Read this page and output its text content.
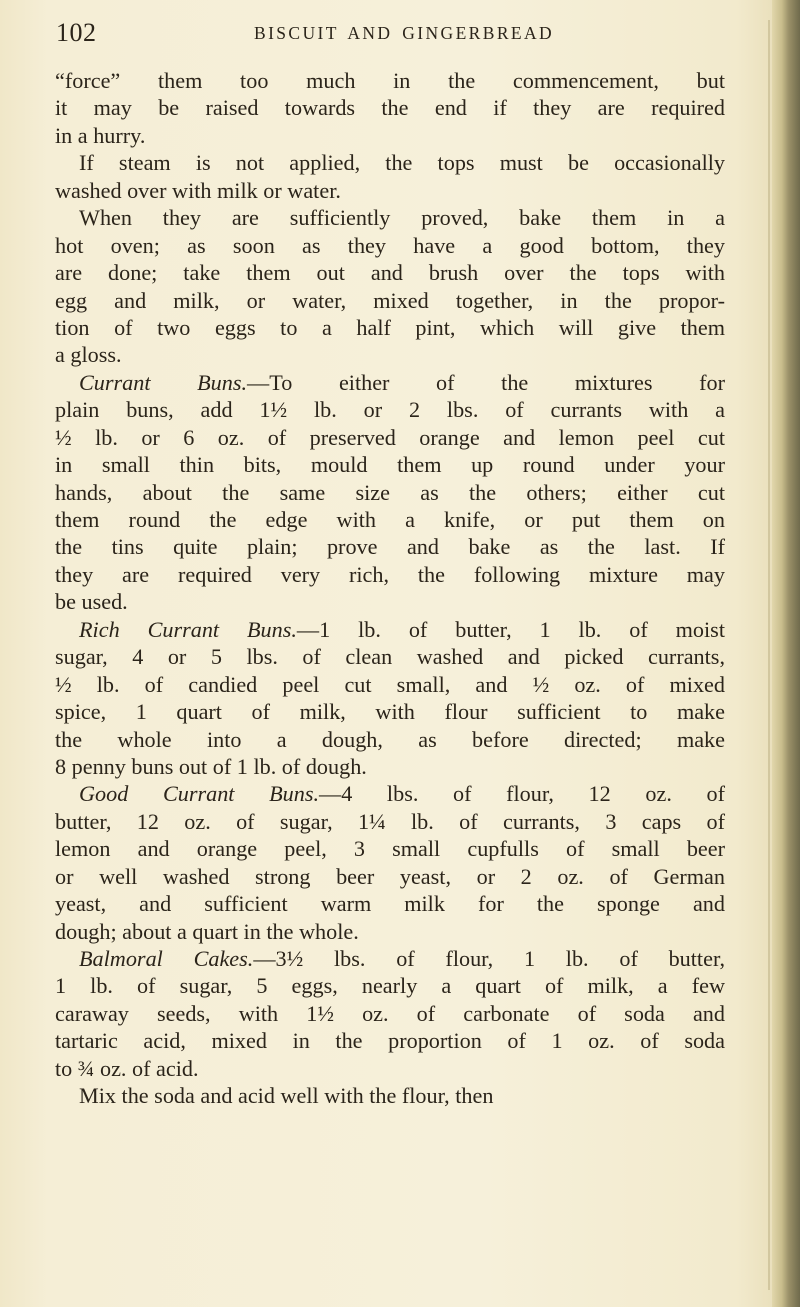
102	BISCUIT AND GINGERBREAD
“force” them too much in the commencement, but
it may be raised towards the end if they are required
in a hurry.
If steam is not applied, the tops must be occasionally
washed over with milk or water.
When they are sufficiently proved, bake them in a
hot oven; as soon as they have a good bottom, they
are done; take them out and brush over the tops with
egg and milk, or water, mixed together, in the propor-
tion of two eggs to a half pint, which will give them
a gloss.
Currant Buns.—To either of the mixtures for
plain buns, add 1½ lb. or 2 lbs. of currants with a
½ lb. or 6 oz. of preserved orange and lemon peel cut
in small thin bits, mould them up round under your
hands, about the same size as the others; either cut
them round the edge with a knife, or put them on
the tins quite plain; prove and bake as the last. If
they are required very rich, the following mixture may
be used.
Rich Currant Buns.—1 lb. of butter, 1 lb. of moist
sugar, 4 or 5 lbs. of clean washed and picked currants,
½ lb. of candied peel cut small, and ½ oz. of mixed
spice, 1 quart of milk, with flour sufficient to make
the whole into a dough, as before directed; make
8 penny buns out of 1 lb. of dough.
Good Currant Buns.—4 lbs. of flour, 12 oz. of
butter, 12 oz. of sugar, 1¼ lb. of currants, 3 caps of
lemon and orange peel, 3 small cupfulls of small beer
or well washed strong beer yeast, or 2 oz. of German
yeast, and sufficient warm milk for the sponge and
dough; about a quart in the whole.
Balmoral Cakes.—3½ lbs. of flour, 1 lb. of butter,
1 lb. of sugar, 5 eggs, nearly a quart of milk, a few
caraway seeds, with 1½ oz. of carbonate of soda and
tartaric acid, mixed in the proportion of 1 oz. of soda
to ¾ oz. of acid.
Mix the soda and acid well with the flour, then
